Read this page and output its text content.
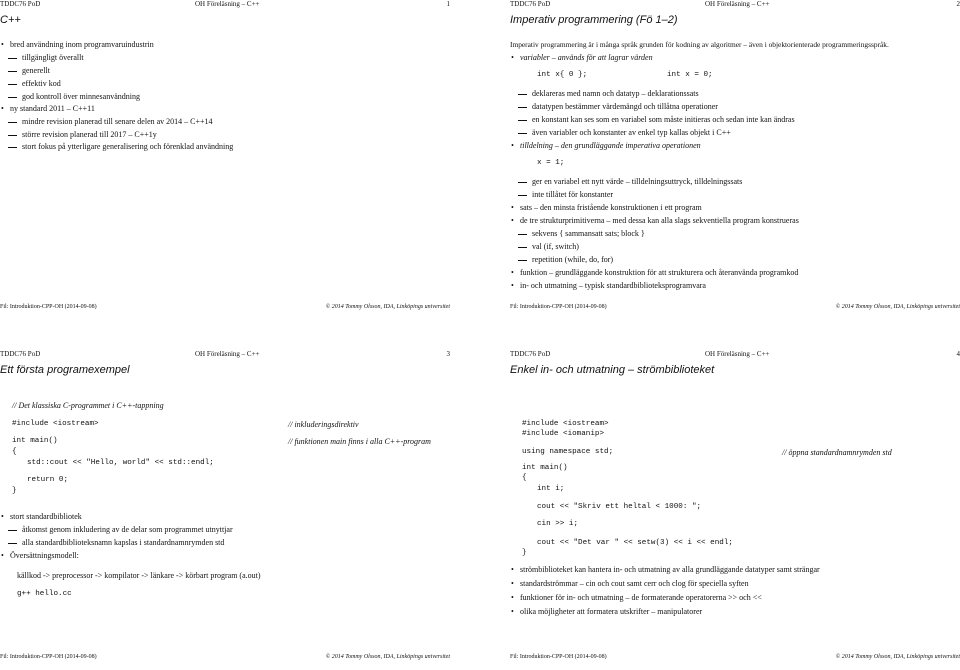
TDDC76 PoD	OH Föreläsning – C++	1
C++
• bred användning inom programvaruindustrin
tillgängligt överallt
generellt
effektiv kod
god kontroll över minnesanvändning
• ny standard 2011 – C++11
mindre revision planerad till senare delen av 2014 – C++14
större revision planerad till 2017 – C++1y
stort fokus på ytterligare generalisering och förenklad användning
Fil: Introduktion-CPP-OH (2014-09-08)	© 2014 Tommy Olsson, IDA, Linköpings universitet
TDDC76 PoD	OH Föreläsning – C++	2
Imperativ programmering (Fö 1–2)
Imperativ programmering är i många språk grunden för kodning av algoritmer – även i objektorienterade programmeringsspråk.
• variabler – används för att lagrar värden
int x{ 0 };	int x = 0;
deklareras med namn och datatyp – deklarationssats
datatypen bestämmer värdemängd och tillåtna operationer
en konstant kan ses som en variabel som måste initieras och sedan inte kan ändras
även variabler och konstanter av enkel typ kallas objekt i C++
• tilldelning – den grundläggande imperativa operationen
x = 1;
ger en variabel ett nytt värde – tilldelningsuttryck, tilldelningssats
inte tillåtet för konstanter
• sats – den minsta fristående konstruktionen i ett program
• de tre strukturprimitiverna – med dessa kan alla slags sekventiella program konstrueras
sekvens { sammansatt sats; block }
val (if, switch)
repetition (while, do, for)
• funktion – grundläggande konstruktion för att strukturera och återanvända programkod
• in- och utmatning – typisk standardbiblioteksprogramvara
Fil: Introduktion-CPP-OH (2014-09-08)	© 2014 Tommy Olsson, IDA, Linköpings universitet
TDDC76 PoD	OH Föreläsning – C++	3
Ett första programexempel
// Det klassiska C-programmet i C++-tappning
#include <iostream>	// inkluderingsdirektiv
int main()	// funktionen main finns i alla C++-program
{
std::cout << "Hello, world" << std::endl;
return 0;
}
• stort standardbibliotek
åtkomst genom inkludering av de delar som programmet utnyttjar
alla standardbiblioteksnamn kapslas i standardnamnrymden std
• Översättningsmodell:
källkod -> preprocessor -> kompilator -> länkare -> körbart program (a.out)
g++ hello.cc
Fil: Introduktion-CPP-OH (2014-09-08)	© 2014 Tommy Olsson, IDA, Linköpings universitet
TDDC76 PoD	OH Föreläsning – C++	4
Enkel in- och utmatning – strömbiblioteket
#include <iostream>
#include <iomanip>
using namespace std;	// öppna standardnamnrymden std
int main()
{
int i;
cout << "Skriv ett heltal < 1000: ";
cin >> i;
cout << "Det var " << setw(3) << i << endl;
}
• strömbiblioteket kan hantera in- och utmatning av alla grundläggande datatyper samt strängar
• standardströmmar – cin och cout samt cerr och clog för speciella syften
• funktioner för in- och utmatning – de formaterande operatorerna >> och <<
• olika möjligheter att formatera utskrifter – manipulatorer
Fil: Introduktion-CPP-OH (2014-09-08)	© 2014 Tommy Olsson, IDA, Linköpings universitet
